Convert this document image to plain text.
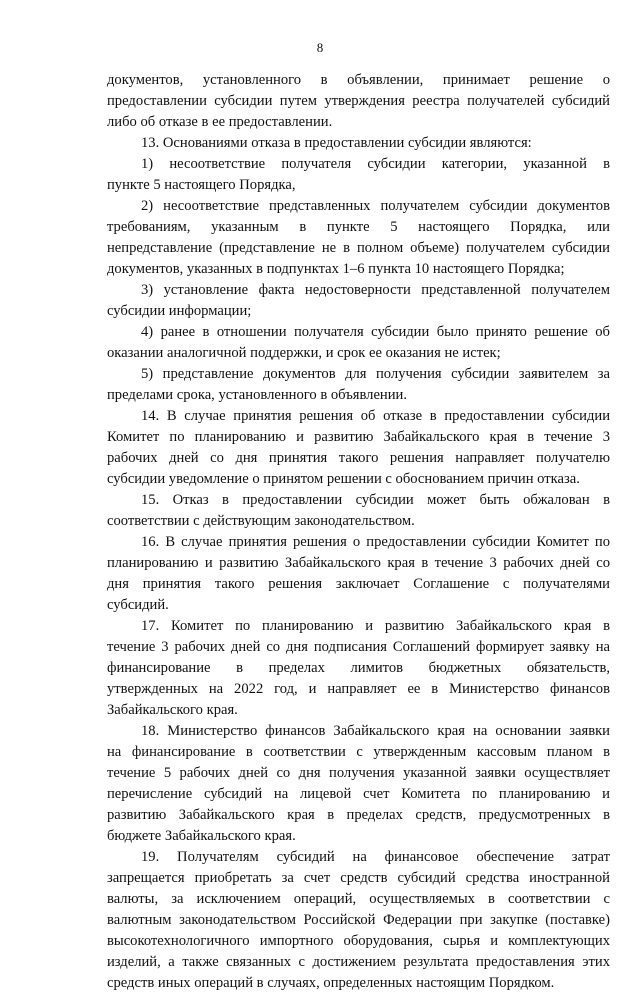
8
документов, установленного в объявлении, принимает решение о
предоставлении субсидии путем утверждения реестра получателей субсидий
либо об отказе в ее предоставлении.
13. Основаниями отказа в предоставлении субсидии являются:
1) несоответствие получателя субсидии категории, указанной в
пункте 5 настоящего Порядка,
2) несоответствие представленных получателем субсидии документов
требованиям, указанным в пункте 5 настоящего Порядка, или
непредставление (представление не в полном объеме) получателем субсидии
документов, указанных в подпунктах 1–6 пункта 10 настоящего Порядка;
3) установление факта недостоверности представленной получателем
субсидии информации;
4) ранее в отношении получателя субсидии было принято решение об
оказании аналогичной поддержки, и срок ее оказания не истек;
5) представление документов для получения субсидии заявителем за
пределами срока, установленного в объявлении.
14. В случае принятия решения об отказе в предоставлении субсидии
Комитет по планированию и развитию Забайкальского края в течение 3
рабочих дней со дня принятия такого решения направляет получателю
субсидии уведомление о принятом решении с обоснованием причин отказа.
15. Отказ в предоставлении субсидии может быть обжалован в
соответствии с действующим законодательством.
16. В случае принятия решения о предоставлении субсидии Комитет по
планированию и развитию Забайкальского края в течение 3 рабочих дней со
дня принятия такого решения заключает Соглашение с получателями
субсидий.
17. Комитет по планированию и развитию Забайкальского края в
течение 3 рабочих дней со дня подписания Соглашений формирует заявку на
финансирование в пределах лимитов бюджетных обязательств,
утвержденных на 2022 год, и направляет ее в Министерство финансов
Забайкальского края.
18. Министерство финансов Забайкальского края на основании заявки
на финансирование в соответствии с утвержденным кассовым планом в
течение 5 рабочих дней со дня получения указанной заявки осуществляет
перечисление субсидий на лицевой счет Комитета по планированию и
развитию Забайкальского края в пределах средств, предусмотренных в
бюджете Забайкальского края.
19. Получателям субсидий на финансовое обеспечение затрат
запрещается приобретать за счет средств субсидий средства иностранной
валюты, за исключением операций, осуществляемых в соответствии с
валютным законодательством Российской Федерации при закупке (поставке)
высокотехнологичного импортного оборудования, сырья и комплектующих
изделий, а также связанных с достижением результата предоставления этих
средств иных операций в случаях, определенных настоящим Порядком.
